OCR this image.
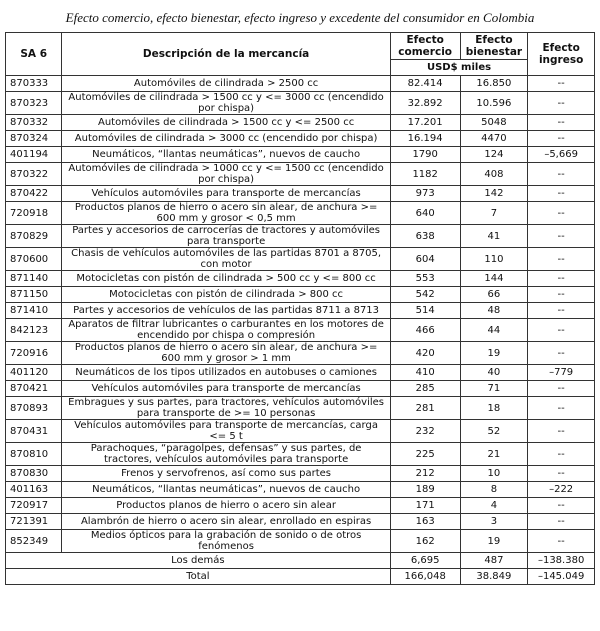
Efecto comercio, efecto bienestar, efecto ingreso y excedente del consumidor en Colombia
SA 6	Descripción de la mercancía	Efecto comercio	Efecto bienestar	Efecto ingreso
		USD$ miles		
870333	Automóviles de cilindrada > 2500 cc	82.414	16.850	--
870323	Automóviles de cilindrada > 1500 cc y <= 3000 cc (encendido por chispa)	32.892	10.596	--
870332	Automóviles de cilindrada > 1500 cc y <= 2500 cc	17.201	5048	--
870324	Automóviles de cilindrada > 3000 cc (encendido por chispa)	16.194	4470	--
401194	Neumáticos, “llantas neumáticas”, nuevos de caucho	1790	124	–5,669
870322	Automóviles de cilindrada > 1000 cc y <= 1500 cc (encendido por chispa)	1182	408	--
870422	Vehículos automóviles para transporte de mercancías	973	142	--
720918	Productos planos de hierro o acero sin alear, de anchura >= 600 mm y grosor < 0,5 mm	640	7	--
870829	Partes y accesorios de carrocerías de tractores y automóviles para transporte	638	41	--
870600	Chasis de vehículos automóviles de las partidas 8701 a 8705, con motor	604	110	--
871140	Motocicletas con pistón de cilindrada > 500 cc y <= 800 cc	553	144	--
871150	Motocicletas con pistón de cilindrada > 800 cc	542	66	--
871410	Partes y accesorios de vehículos de las partidas 8711 a 8713	514	48	--
842123	Aparatos de filtrar lubricantes o carburantes en los motores de encendido por chispa o compresión	466	44	--
720916	Productos planos de hierro o acero sin alear, de anchura >= 600 mm y grosor > 1 mm	420	19	--
401120	Neumáticos de los tipos utilizados en autobuses o camiones	410	40	–779
870421	Vehículos automóviles para transporte de mercancías	285	71	--
870893	Embragues y sus partes, para tractores, vehículos automóviles para transporte de >= 10 personas	281	18	--
870431	Vehículos automóviles para transporte de mercancías, carga <= 5 t	232	52	--
870810	Parachoques, “paragolpes, defensas” y sus partes, de tractores, vehículos automóviles para transporte	225	21	--
870830	Frenos y servofrenos, así como sus partes	212	10	--
401163	Neumáticos, “llantas neumáticas”, nuevos de caucho	189	8	–222
720917	Productos planos de hierro o acero sin alear	171	4	--
721391	Alambrón de hierro o acero sin alear, enrollado en espiras	163	3	--
852349	Medios ópticos para la grabación de sonido o de otros fenómenos	162	19	--
Los demás		6,695	487	–138.380
Total		166,048	38.849	–145.049
